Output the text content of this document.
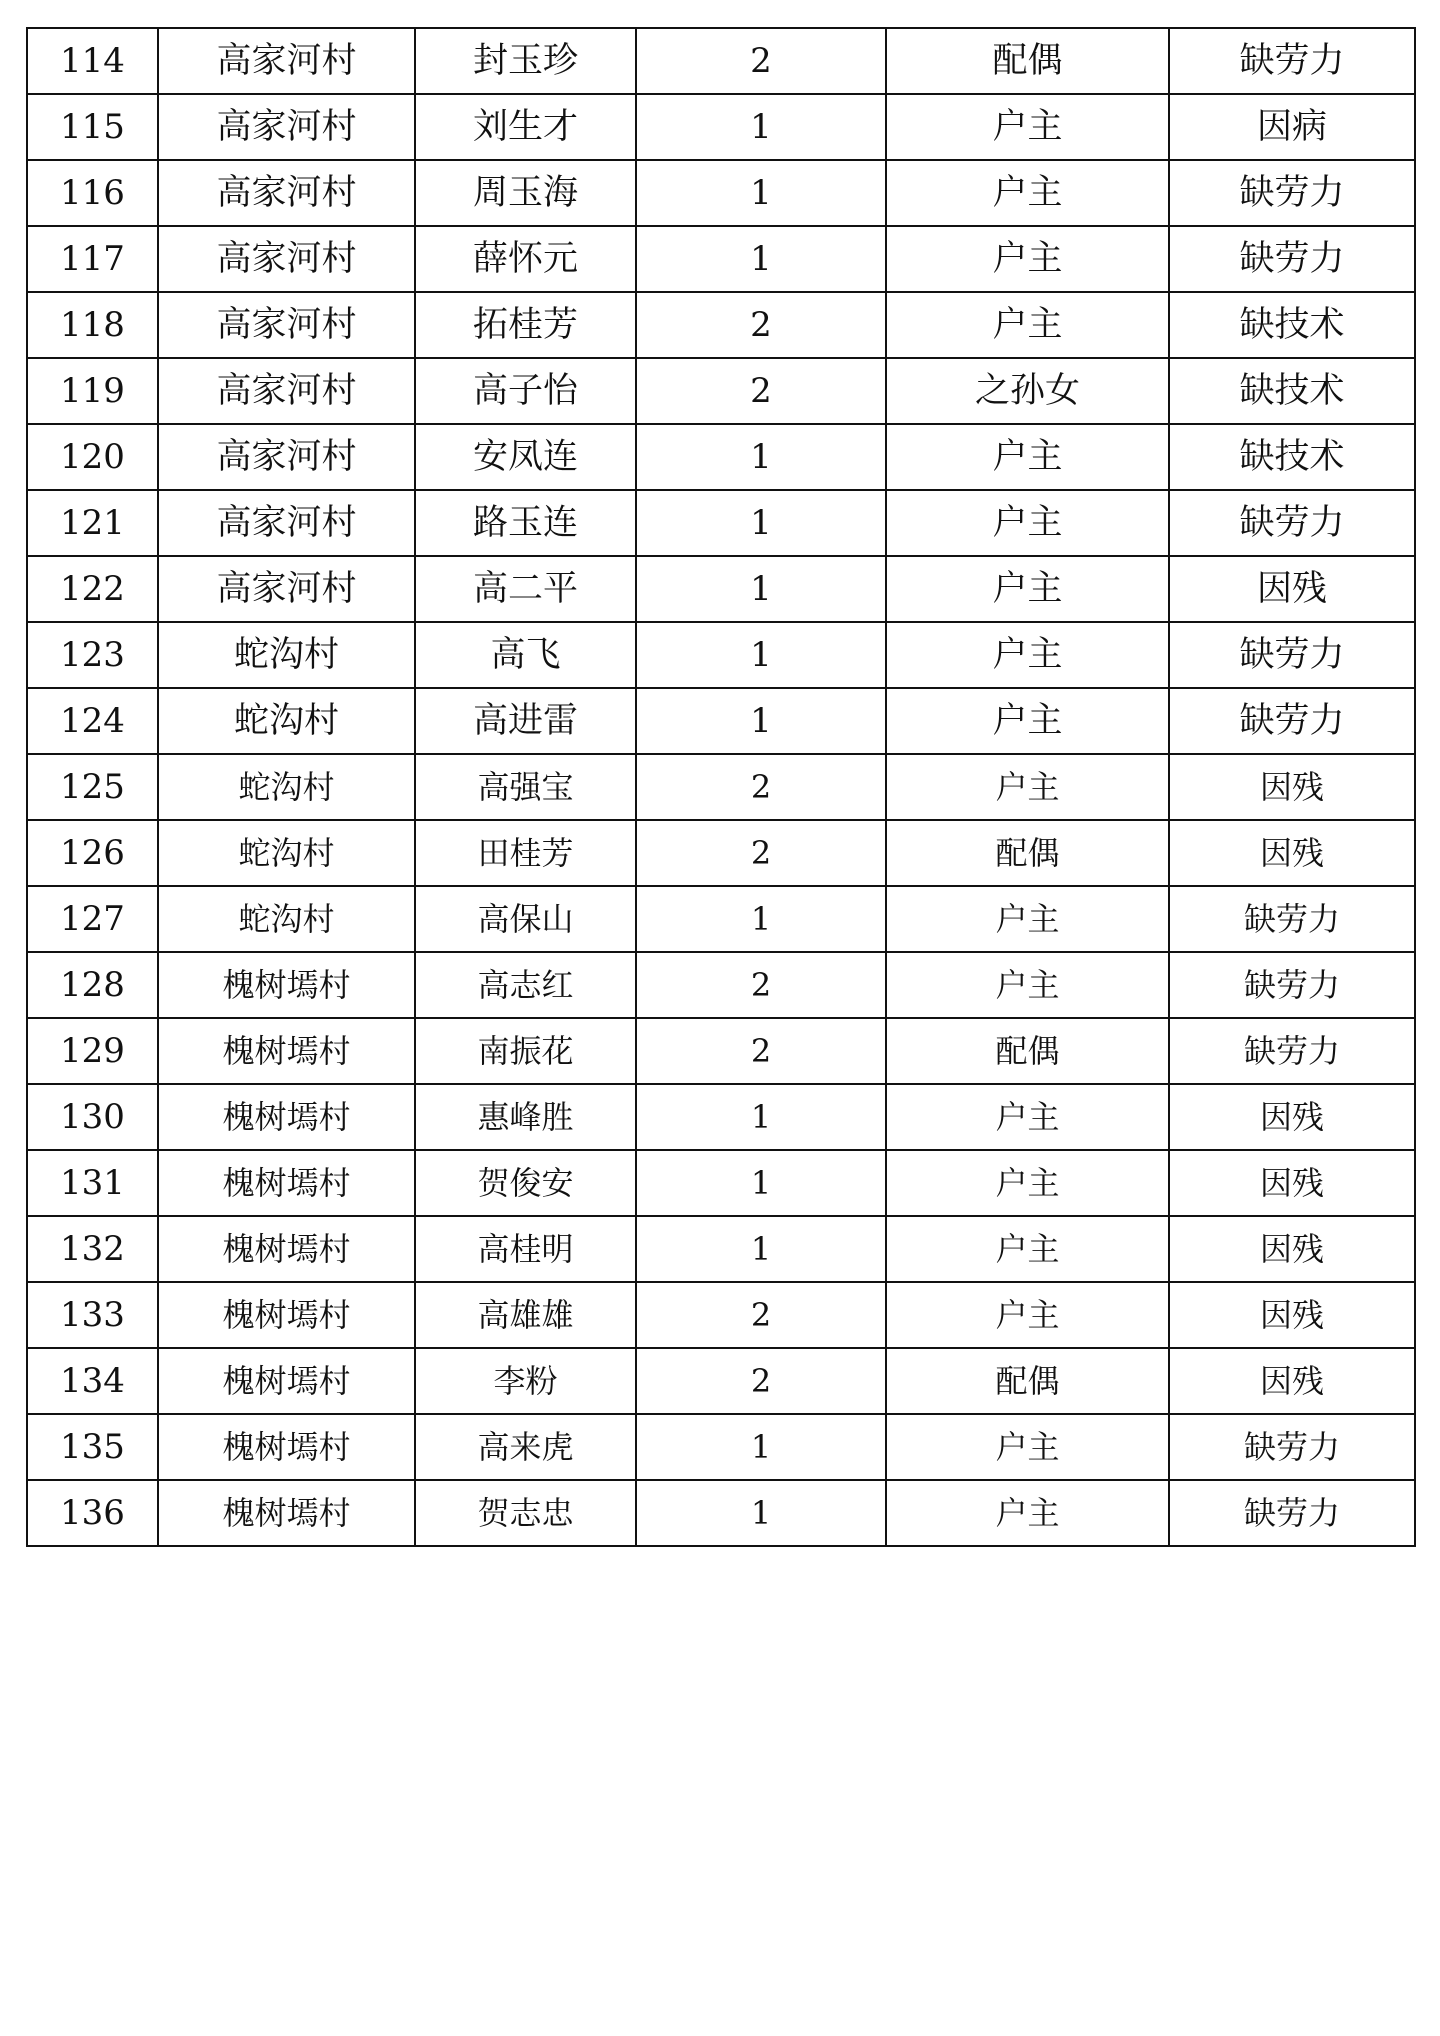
114	高家河村	封玉珍	2	配偶	缺劳力
115	高家河村	刘生才	1	户主	因病
116	高家河村	周玉海	1	户主	缺劳力
117	高家河村	薛怀元	1	户主	缺劳力
118	高家河村	拓桂芳	2	户主	缺技术
119	高家河村	高子怡	2	之孙女	缺技术
120	高家河村	安凤连	1	户主	缺技术
121	高家河村	路玉连	1	户主	缺劳力
122	高家河村	高二平	1	户主	因残
123	蛇沟村	高飞	1	户主	缺劳力
124	蛇沟村	高进雷	1	户主	缺劳力
125	蛇沟村	高强宝	2	户主	因残
126	蛇沟村	田桂芳	2	配偶	因残
127	蛇沟村	高保山	1	户主	缺劳力
128	槐树墕村	高志红	2	户主	缺劳力
129	槐树墕村	南振花	2	配偶	缺劳力
130	槐树墕村	惠峰胜	1	户主	因残
131	槐树墕村	贺俊安	1	户主	因残
132	槐树墕村	高桂明	1	户主	因残
133	槐树墕村	高雄雄	2	户主	因残
134	槐树墕村	李粉	2	配偶	因残
135	槐树墕村	高来虎	1	户主	缺劳力
136	槐树墕村	贺志忠	1	户主	缺劳力
